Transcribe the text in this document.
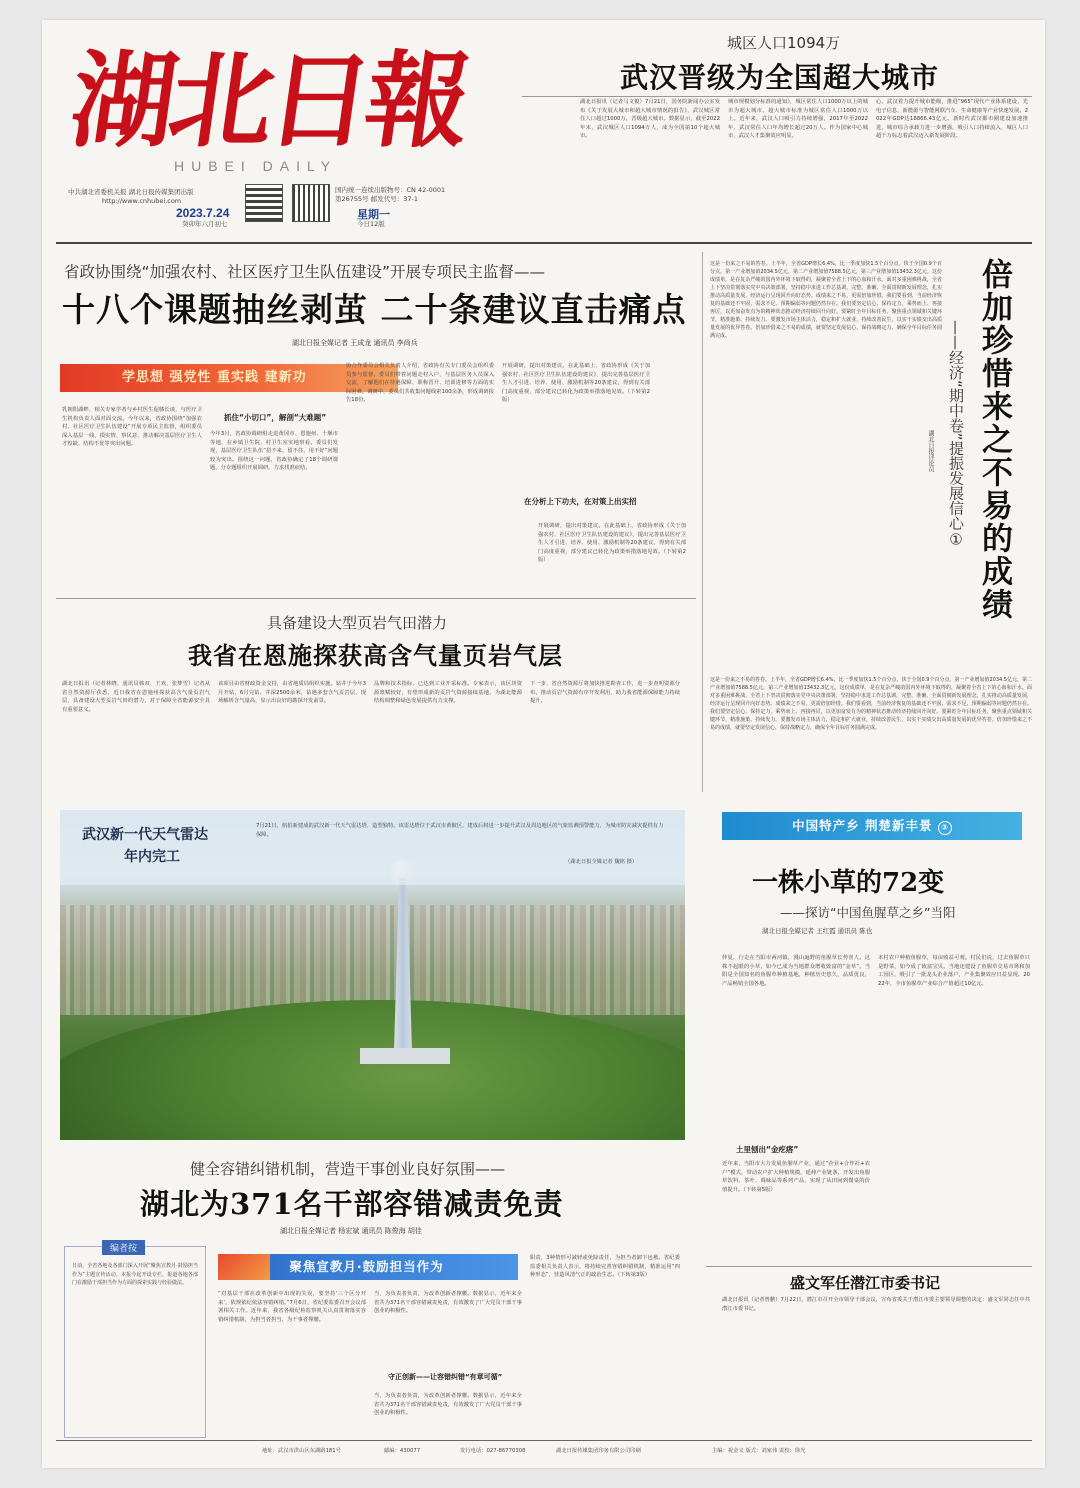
湖北日報
HUBEI DAILY
中共湖北省委机关报 湖北日报传媒集团出版
http://www.cnhubei.com
2023.7.24
癸卯年六月初七
国内统一连续出版物号：CN 42-0001
第26755号 邮发代号：37-1
星期一
今日12版
城区人口1094万
武汉晋级为全国超大城市
湖北日报讯（记者马文俊）7月21日，国务院新闻办公室发布《关于发展大城市和超大城市情况的报告》，武汉城区常住人口超过1000万，晋级超大城市。数据显示，截至2022年末，武汉城区人口1094万人，成为全国第10个超大城市。
城市规模划分标准的通知》，城区常住人口1000万以上的城市为超大城市。超大城市标准为城区常住人口1000万以上。近年来，武汉人口吸引力持续增强，2017年至2022年，武汉常住人口年均增长超过20万人。作为国家中心城市，武汉人才集聚效应明显。
心。武汉着力提升城市能级，推进“965”现代产业体系建设，光电子信息、新能源与智能网联汽车、生命健康等产业快速发展。2022年GDP达18866.43亿元。新时代武汉都市圈建设加速推进，城市综合承载力进一步增强，吸引人口持续流入，城区人口超千万标志着武汉迈入新发展阶段。
省政协围绕“加强农村、社区医疗卫生队伍建设”开展专项民主监督——
十八个课题抽丝剥茧 二十条建议直击痛点
湖北日报全媒记者 王成龙 通讯员 李尚兵
学思想 强党性 重实践 建新功
乳朝阳湖畔，相关专家学者与乡村医生促膝长谈，与医疗卫生机构负责人面对面交流。今年以来，省政协围绕“加强农村、社区医疗卫生队伍建设”开展专项民主监督，组织委员深入基层一线，摸实情、察民意，推动解决基层医疗卫生人才短缺、结构不优等突出问题。
抓住“小切口”，解剖“大难题”
今年3月，省政协调研组走进黄冈市、恩施州、十堰市等地，在乡镇卫生院、村卫生室实地察看。委员们发现，基层医疗卫生队伍“招不来、留不住、用不好”问题较为突出。围绕这一问题，省政协确定了18个调研课题，分专题组织开展调研，力求找准症结。
协合作委员会相关负责人介绍，省政协有关专门委员会组织委员参与监督，委员们带着问题走村入户，与基层医务人员深入交流，了解他们在待遇保障、职称晋升、培训进修等方面的实际困难。调研中，委员们共收集问题线索100余条，形成调研报告18份。
开展调研，提出对策建议。在此基础上，省政协形成《关于加强农村、社区医疗卫生队伍建设的建议》，提出完善基层医疗卫生人才引进、培养、使用、激励机制等20条建议，得到有关部门高度重视，部分建议已转化为政策举措落地见效。（下转第2版）
在分析上下功夫，在对策上出实招
开展调研，提出对策建议。在此基础上，省政协形成《关于加强农村、社区医疗卫生队伍建设的建议》，提出完善基层医疗卫生人才引进、培养、使用、激励机制等20条建议，得到有关部门高度重视，部分建议已转化为政策举措落地见效。（下转第2版）
这是一份来之不易的答卷。上半年，全省GDP增长6.4%，比一季度加快1.5个百分点，快于全国0.9个百分点。第一产业增加值2034.5亿元，第二产业增加值7588.5亿元，第三产业增加值13432.3亿元。这份成绩单，是在复杂严峻的国内外环境下取得的，凝聚着全省上下的心血和汗水。面对多重困难挑战，全省上下坚决贯彻落实党中央决策部署，坚持稳中求进工作总基调，完整、准确、全面贯彻新发展理念，扎实推动高质量发展，经济运行呈现回升向好态势。成绩来之不易，更需倍加珍惜。我们要看到，当前经济恢复的基础还不牢固，需求不足、预期偏弱等问题仍然存在。我们要坚定信心、保持定力，乘势而上、再接再厉，以更加奋发有为的精神状态推动经济持续回升向好。要紧盯全年目标任务，聚焦重点领域和关键环节，精准施策、持续发力。要激发市场主体活力，稳定和扩大就业，持续改善民生，以实干实绩交出高质量发展的优异答卷。倍加珍惜来之不易的成绩，就要坚定发展信心，保持战略定力，确保全年目标任务圆满完成。	倍加珍惜来之不易的成绩
——经济“期中卷”提振发展信心①
湖北日报评论员
这是一份来之不易的答卷。上半年，全省GDP增长6.4%，比一季度加快1.5个百分点，快于全国0.9个百分点。第一产业增加值2034.5亿元，第二产业增加值7588.5亿元，第三产业增加值13432.3亿元。这份成绩单，是在复杂严峻的国内外环境下取得的，凝聚着全省上下的心血和汗水。面对多重困难挑战，全省上下坚决贯彻落实党中央决策部署，坚持稳中求进工作总基调，完整、准确、全面贯彻新发展理念，扎实推动高质量发展，经济运行呈现回升向好态势。成绩来之不易，更需倍加珍惜。我们要看到，当前经济恢复的基础还不牢固，需求不足、预期偏弱等问题仍然存在。我们要坚定信心、保持定力，乘势而上、再接再厉，以更加奋发有为的精神状态推动经济持续回升向好。要紧盯全年目标任务，聚焦重点领域和关键环节，精准施策、持续发力。要激发市场主体活力，稳定和扩大就业，持续改善民生，以实干实绩交出高质量发展的优异答卷。倍加珍惜来之不易的成绩，就要坚定发展信心，保持战略定力，确保全年目标任务圆满完成。
具备建设大型页岩气田潜力
我省在恩施探获高含气量页岩气层
湖北日报讯（记者林晓、通讯员韩双、王欢、张梦雪）记者从省自然资源厅获悉，近日我省在恩施州探获高含气量页岩气层，具备建设大型页岩气田的潜力，对于保障全省能源安全具有重要意义。
该项目由省财政资金支持，由省地质局组织实施。钻井于今年3月开钻，6月完钻，井深2500余米，钻遇多套含气页岩层，现场解析含气量高，显示出良好的勘探开发前景。
品牌和技术指标，已达到工业开采标准。专家表示，该区块资源禀赋较好，有望形成新的页岩气资源接续基地，为湖北能源结构调整和绿色发展提供有力支撑。
下一步，省自然资源厅将加快推进勘查工作，进一步查明资源分布，推动页岩气资源有序开发利用，助力我省能源保障能力持续提升。
武汉新一代天气雷达
年内完工
7月21日，航拍新建成的武汉新一代天气雷达塔，造型独特。该雷达塔位于武汉市黄陂区，建成后将进一步提升武汉及周边地区的气象监测预警能力，为城市防灾减灾提供有力保障。
（湖北日报全媒记者 魏铭 摄）
中国特产乡 荆楚新丰景 ③
一株小草的72变
——探访“中国鱼腥草之乡”当阳
湖北日报全媒记者 王红霞 通讯员 陈也
仲夏，行走在当阳市两河镇，漫山遍野的鱼腥草长势喜人。这株不起眼的小草，如今已成为当地群众增收致富的“金草”。当阳是全国知名的鱼腥草种植基地，种植历史悠久，品质优良，产品畅销全国各地。
土里刨出“金疙瘩”
近年来，当阳市大力发展鱼腥草产业，通过“企业+合作社+农户”模式，带动农户扩大种植规模，延伸产业链条，开发出鱼腥草饮料、茶叶、调味品等系列产品，实现了从田间到餐桌的价值提升。（下转第5版）
本村农户种植鱼腥草，每亩收益可观。村民们说，过去鱼腥草只是野菜，如今成了致富宝贝。当地还建设了鱼腥草交易市场和加工园区，吸引了一批龙头企业落户，产业集聚效应日益显现。2022年，全市鱼腥草产业综合产值超过10亿元。
健全容错纠错机制，营造干事创业良好氛围——
湖北为371名干部容错减责免责
湖北日报全媒记者 杨宏斌 通讯员 陈俊海 胡佳
编者按
日前，全省各地及各部门深入开展“聚焦宣教月·鼓励担当作为”主题宣传活动。本报今起开设专栏，报道各地各部门在激励干部担当作为方面的探索实践与经验做法。
聚焦宣教月·鼓励担当作为
“对基层干部在改革创新中出现的失误，要坚持‘三个区分开来’，依规依纪依法容错纠错。”7月6日，省纪委监委召开会议部署相关工作。近年来，我省各级纪检监察机关认真贯彻落实容错纠错机制，为担当者担当、为干事者撑腰。
当，为负责者负责，为改革创新者撑腰。数据显示，近年来全省共为371名干部容错减责免责，有效激发了广大党员干部干事创业的积极性。
守正创新——让容错纠错“有章可循”
当，为负责者负责，为改革创新者撑腰。数据显示，近年来全省共为371名干部容错减责免责，有效激发了广大党员干部干事创业的积极性。
职责，3种情形可减轻或免除责任，为担当者卸下包袱。省纪委监委相关负责人表示，将持续完善容错纠错机制，精准运用“四种形态”，营造风清气正的政治生态。（下转第3版）	盛文军任潜江市委书记
湖北日报讯（记者曾鹏）7月22日，潜江市召开全市领导干部会议，宣布省委关于潜江市委主要领导调整的决定：盛文军同志任中共潜江市委书记。
地址：武汉市洪山区东湖路181号	邮编：430077	发行电话：027-86770308	湖北日报传媒集团印务有限公司印刷	主编：祝金义 版式：刘家伟 责校：徐光
